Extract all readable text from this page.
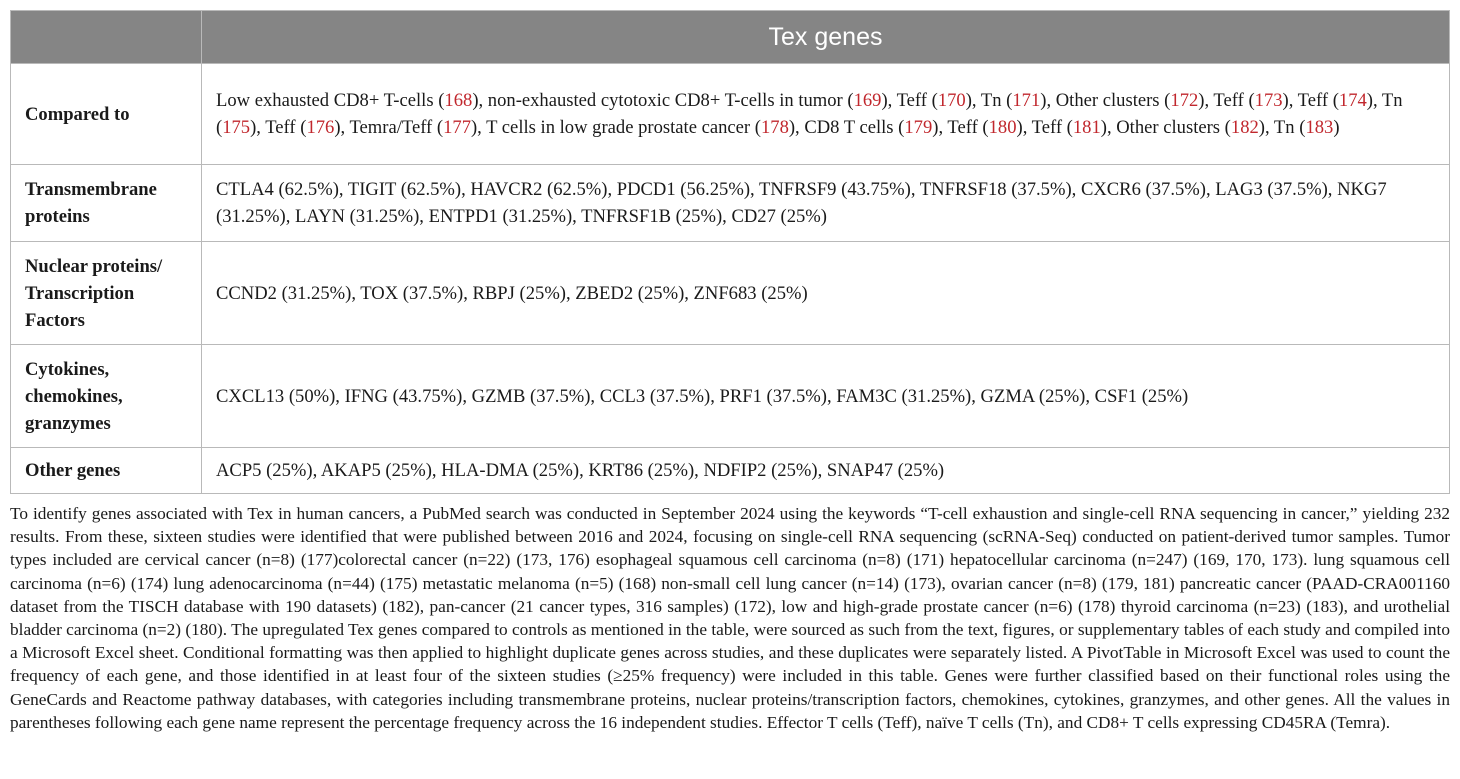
	Tex genes
Compared to	Low exhausted CD8+ T-cells (168), non-exhausted cytotoxic CD8+ T-cells in tumor (169), Teff (170), Tn (171), Other clusters (172), Teff (173), Teff (174), Tn (175), Teff (176), Temra/Teff (177), T cells in low grade prostate cancer (178), CD8 T cells (179), Teff (180), Teff (181), Other clusters (182), Tn (183)
Transmembrane proteins	CTLA4 (62.5%), TIGIT (62.5%), HAVCR2 (62.5%), PDCD1 (56.25%), TNFRSF9 (43.75%), TNFRSF18 (37.5%), CXCR6 (37.5%), LAG3 (37.5%), NKG7 (31.25%), LAYN (31.25%), ENTPD1 (31.25%), TNFRSF1B (25%), CD27 (25%)
Nuclear proteins/ Transcription Factors	CCND2 (31.25%), TOX (37.5%), RBPJ (25%), ZBED2 (25%), ZNF683 (25%)
Cytokines, chemokines, granzymes	CXCL13 (50%), IFNG (43.75%), GZMB (37.5%), CCL3 (37.5%), PRF1 (37.5%), FAM3C (31.25%), GZMA (25%), CSF1 (25%)
Other genes	ACP5 (25%), AKAP5 (25%), HLA-DMA (25%), KRT86 (25%), NDFIP2 (25%), SNAP47 (25%)
To identify genes associated with Tex in human cancers, a PubMed search was conducted in September 2024 using the keywords “T-cell exhaustion and single-cell RNA sequencing in cancer,” yielding 232 results. From these, sixteen studies were identified that were published between 2016 and 2024, focusing on single-cell RNA sequencing (scRNA-Seq) conducted on patient-derived tumor samples. Tumor types included are cervical cancer (n=8) (177)colorectal cancer (n=22) (173, 176) esophageal squamous cell carcinoma (n=8) (171) hepatocellular carcinoma (n=247) (169, 170, 173). lung squamous cell carcinoma (n=6) (174) lung adenocarcinoma (n=44) (175) metastatic melanoma (n=5) (168) non-small cell lung cancer (n=14) (173), ovarian cancer (n=8) (179, 181) pancreatic cancer (PAAD-CRA001160 dataset from the TISCH database with 190 datasets) (182), pan-cancer (21 cancer types, 316 samples) (172), low and high-grade prostate cancer (n=6) (178) thyroid carcinoma (n=23) (183), and urothelial bladder carcinoma (n=2) (180). The upregulated Tex genes compared to controls as mentioned in the table, were sourced as such from the text, figures, or supplementary tables of each study and compiled into a Microsoft Excel sheet. Conditional formatting was then applied to highlight duplicate genes across studies, and these duplicates were separately listed. A PivotTable in Microsoft Excel was used to count the frequency of each gene, and those identified in at least four of the sixteen studies (≥25% frequency) were included in this table. Genes were further classified based on their functional roles using the GeneCards and Reactome pathway databases, with categories including transmembrane proteins, nuclear proteins/transcription factors, chemokines, cytokines, granzymes, and other genes. All the values in parentheses following each gene name represent the percentage frequency across the 16 independent studies. Effector T cells (Teff), naïve T cells (Tn), and CD8+ T cells expressing CD45RA (Temra).
